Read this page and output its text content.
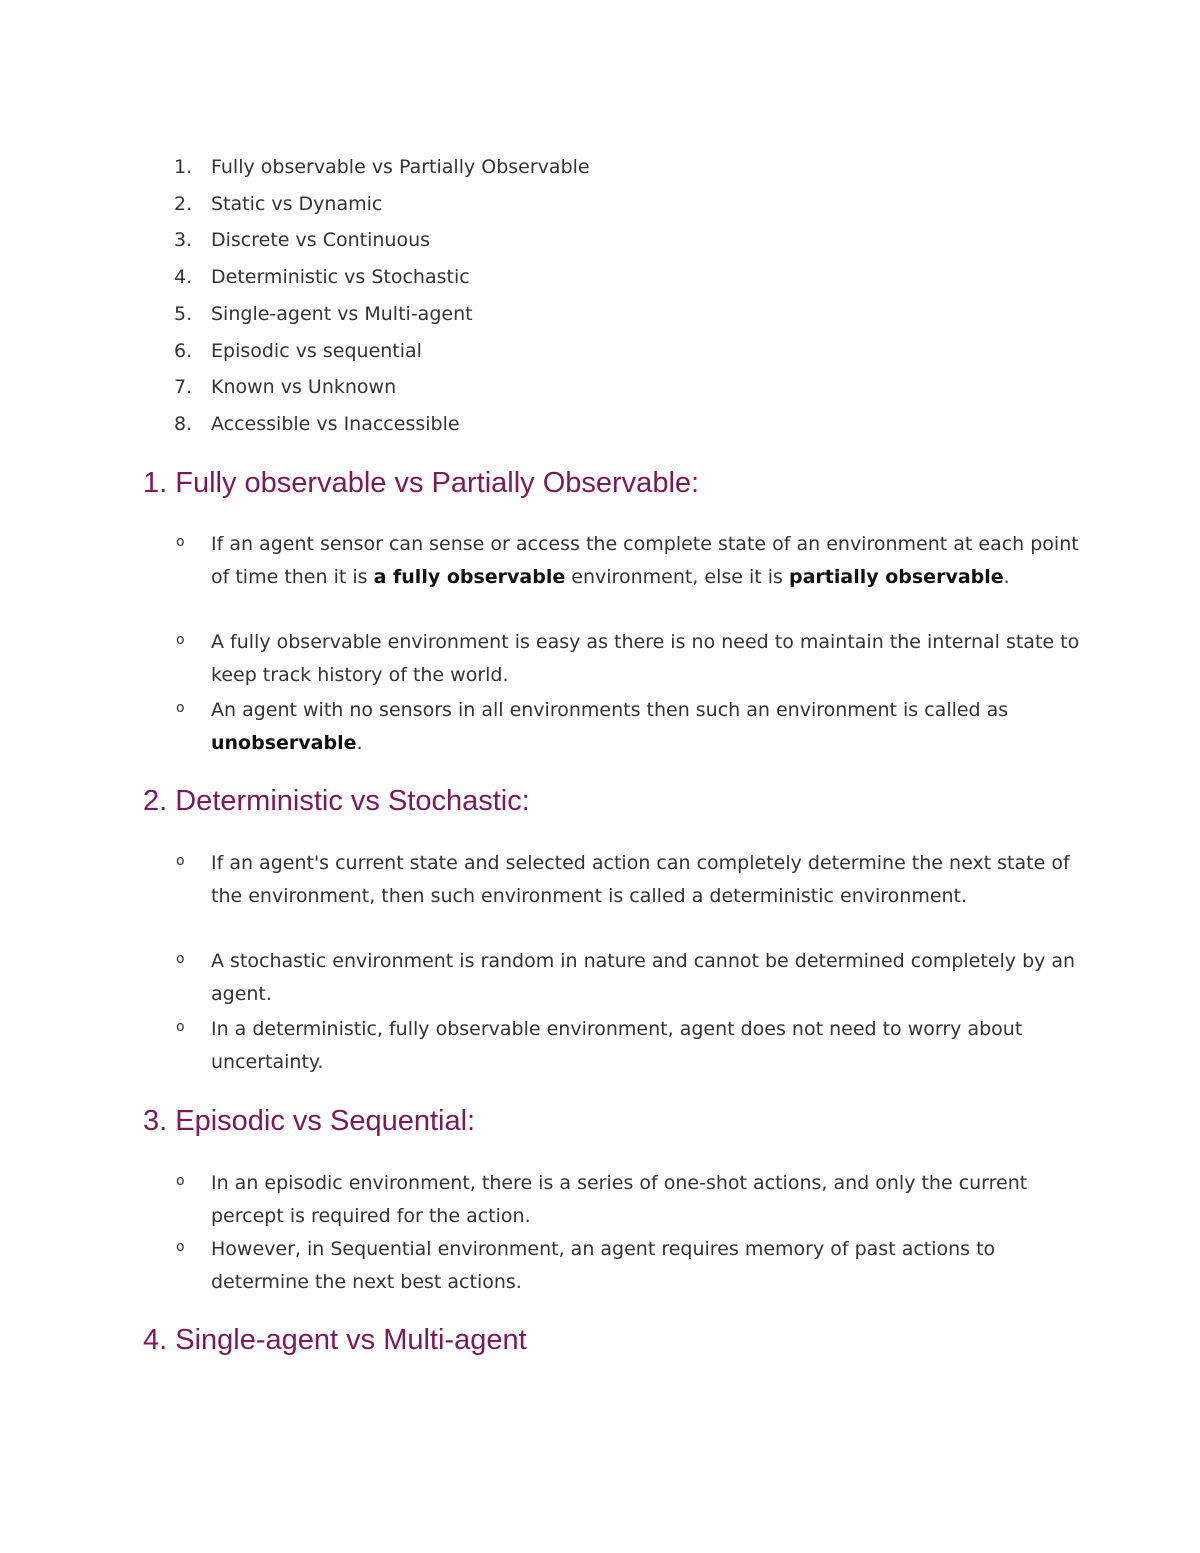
1. Fully observable vs Partially Observable
2. Static vs Dynamic
3. Discrete vs Continuous
4. Deterministic vs Stochastic
5. Single-agent vs Multi-agent
6. Episodic vs sequential
7. Known vs Unknown
8. Accessible vs Inaccessible
1. Fully observable vs Partially Observable:
o If an agent sensor can sense or access the complete state of an environment at each point of time then it is a fully observable environment, else it is partially observable.
o A fully observable environment is easy as there is no need to maintain the internal state to keep track history of the world.
o An agent with no sensors in all environments then such an environment is called as unobservable.
2. Deterministic vs Stochastic:
o If an agent's current state and selected action can completely determine the next state of the environment, then such environment is called a deterministic environment.
o A stochastic environment is random in nature and cannot be determined completely by an agent.
o In a deterministic, fully observable environment, agent does not need to worry about uncertainty.
3. Episodic vs Sequential:
o In an episodic environment, there is a series of one-shot actions, and only the current percept is required for the action.
o However, in Sequential environment, an agent requires memory of past actions to determine the next best actions.
4. Single-agent vs Multi-agent
